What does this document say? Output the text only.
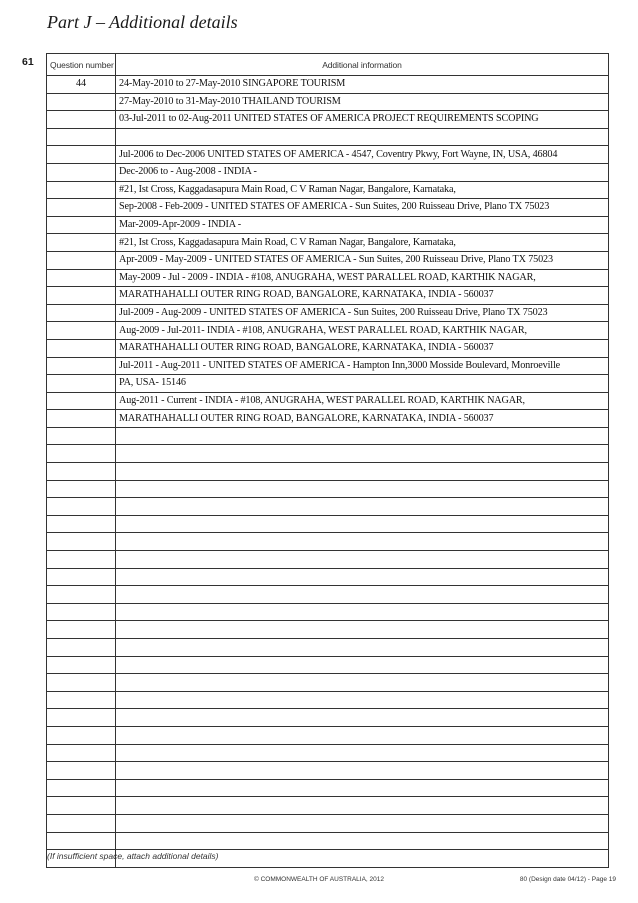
Part J – Additional details
61 Question number	Additional information
44	24-May-2010 to 27-May-2010 SINGAPORE TOURISM
	27-May-2010 to 31-May-2010 THAILAND TOURISM
	03-Jul-2011 to 02-Aug-2011 UNITED STATES OF AMERICA PROJECT REQUIREMENTS SCOPING

	Jul-2006 to Dec-2006 UNITED STATES OF AMERICA - 4547, Coventry Pkwy, Fort Wayne, IN, USA, 46804
	Dec-2006 to - Aug-2008 - INDIA -
	#21, Ist Cross, Kaggadasapura Main Road, C V Raman Nagar, Bangalore, Karnataka,
	Sep-2008 - Feb-2009 - UNITED STATES OF AMERICA - Sun Suites, 200 Ruisseau Drive, Plano TX 75023
	Mar-2009-Apr-2009 - INDIA -
	#21, Ist Cross, Kaggadasapura Main Road, C V Raman Nagar, Bangalore, Karnataka,
	Apr-2009 - May-2009 - UNITED STATES OF AMERICA - Sun Suites, 200 Ruisseau Drive, Plano TX 75023
	May-2009 - Jul - 2009 - INDIA - #108, ANUGRAHA, WEST PARALLEL ROAD, KARTHIK NAGAR,
	MARATHAHALLI OUTER RING ROAD, BANGALORE, KARNATAKA, INDIA - 560037
	Jul-2009 - Aug-2009 - UNITED STATES OF AMERICA - Sun Suites, 200 Ruisseau Drive, Plano TX 75023
	Aug-2009 - Jul-2011- INDIA - #108, ANUGRAHA, WEST PARALLEL ROAD, KARTHIK NAGAR,
	MARATHAHALLI OUTER RING ROAD, BANGALORE, KARNATAKA, INDIA - 560037
	Jul-2011 - Aug-2011 - UNITED STATES OF AMERICA - Hampton Inn,3000 Mosside Boulevard, Monroeville
	PA, USA- 15146
	Aug-2011 - Current - INDIA - #108, ANUGRAHA, WEST PARALLEL ROAD, KARTHIK NAGAR,
	MARATHAHALLI OUTER RING ROAD, BANGALORE, KARNATAKA, INDIA - 560037

(If insufficient space, attach additional details)
© COMMONWEALTH OF AUSTRALIA, 2012	80 (Design date 04/12) - Page 19
